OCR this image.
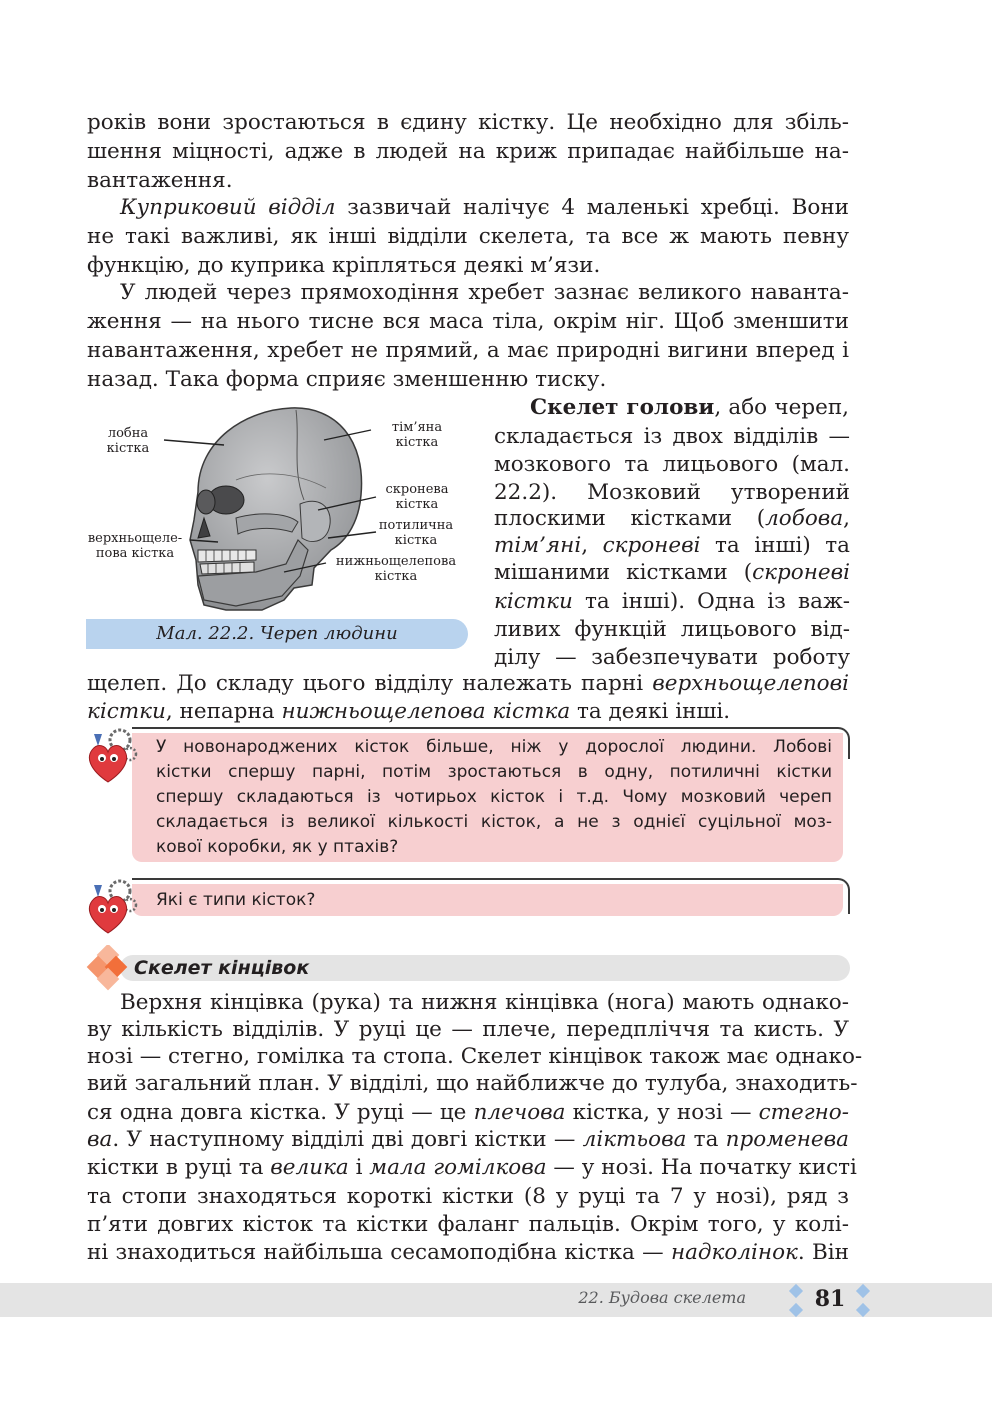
років вони зростаються в єдину кістку. Це необхідно для збіль-
шення міцності, адже в людей на криж припадає найбільше на-
вантаження.
Куприковий відділ зазвичай налічує 4 маленькі хребці. Вони
не такі важливі, як інші відділи скелета, та все ж мають певну
функцію, до куприка кріпляться деякі м’язи.
У людей через прямоходіння хребет зазнає великого наванта-
ження — на нього тисне вся маса тіла, окрім ніг. Щоб зменшити
навантаження, хребет не прямий, а має природні вигини вперед і
назад. Така форма сприяє зменшенню тиску.
Скелет голови, або череп,
складається із двох відділів —
мозкового та лицьового (мал.
22.2). Мозковий утворений
плоскими кістками (лобова,
тім’яні, скроневі та інші) та
мішаними кістками (скроневі
кістки та інші). Одна із важ-
ливих функцій лицьового від-
ділу — забезпечувати роботу
щелеп. До складу цього відділу належать парні верхньощелепові
кістки, непарна нижньощелепова кістка та деякі інші.
лобна
кістка
тім’яна
кістка
скронева
кістка
потилична
кістка
верхньощеле-
пова кістка
нижньощелепова
кістка
Мал. 22.2. Череп людини
У новонароджених кісток більше, ніж у дорослої людини. Лобові
кістки спершу парні, потім зростаються в одну, потиличні кістки
спершу складаються із чотирьох кісток і т.д. Чому мозковий череп
складається із великої кількості кісток, а не з однієї суцільної моз-
кової коробки, як у птахів?
Які є типи кісток?
Скелет кінцівок
Верхня кінцівка (рука) та нижня кінцівка (нога) мають однако-
ву кількість відділів. У руці це — плече, передпліччя та кисть. У
нозі — стегно, гомілка та стопа. Скелет кінцівок також має однако-
вий загальний план. У відділі, що найближче до тулуба, знаходить-
ся одна довга кістка. У руці — це плечова кістка, у нозі — стегно-
ва. У наступному відділі дві довгі кістки — ліктьова та променева
кістки в руці та велика і мала гомілкова — у нозі. На початку кисті
та стопи знаходяться короткі кістки (8 у руці та 7 у нозі), ряд з
п’яти довгих кісток та кістки фаланг пальців. Окрім того, у колі-
ні знаходиться найбільша сесамоподібна кістка — надколінок. Він
22. Будова скелета	81
